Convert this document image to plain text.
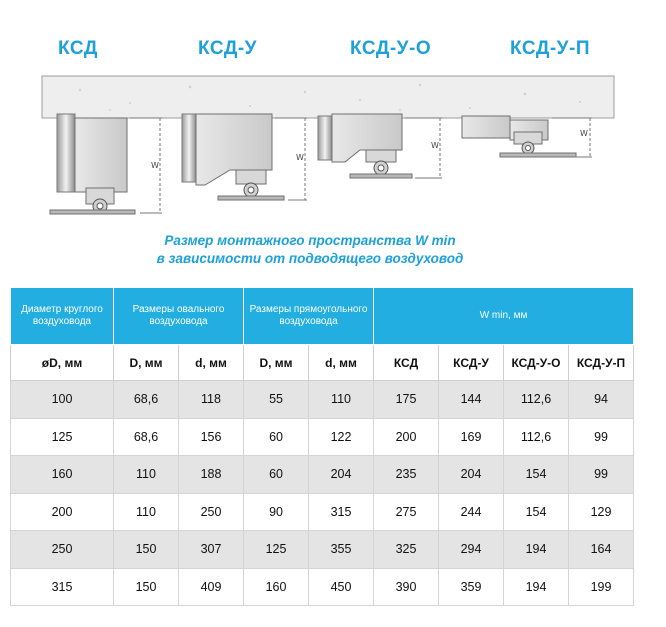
КСД	КСД-У	КСД-У-О	КСД-У-П
W
W
W
W
Размер монтажного пространства W min
в зависимости от подводящего воздуховод
Диаметр круглого воздуховода	Размеры овального воздуховода		Размеры прямоугольного воздуховода		W min, мм			
øD, мм	D, мм	d, мм	D, мм	d, мм	КСД	КСД-У	КСД-У-О	КСД-У-П
100	68,6	118	55	110	175	144	112,6	94
125	68,6	156	60	122	200	169	112,6	99
160	110	188	60	204	235	204	154	99
200	110	250	90	315	275	244	154	129
250	150	307	125	355	325	294	194	164
315	150	409	160	450	390	359	194	199
